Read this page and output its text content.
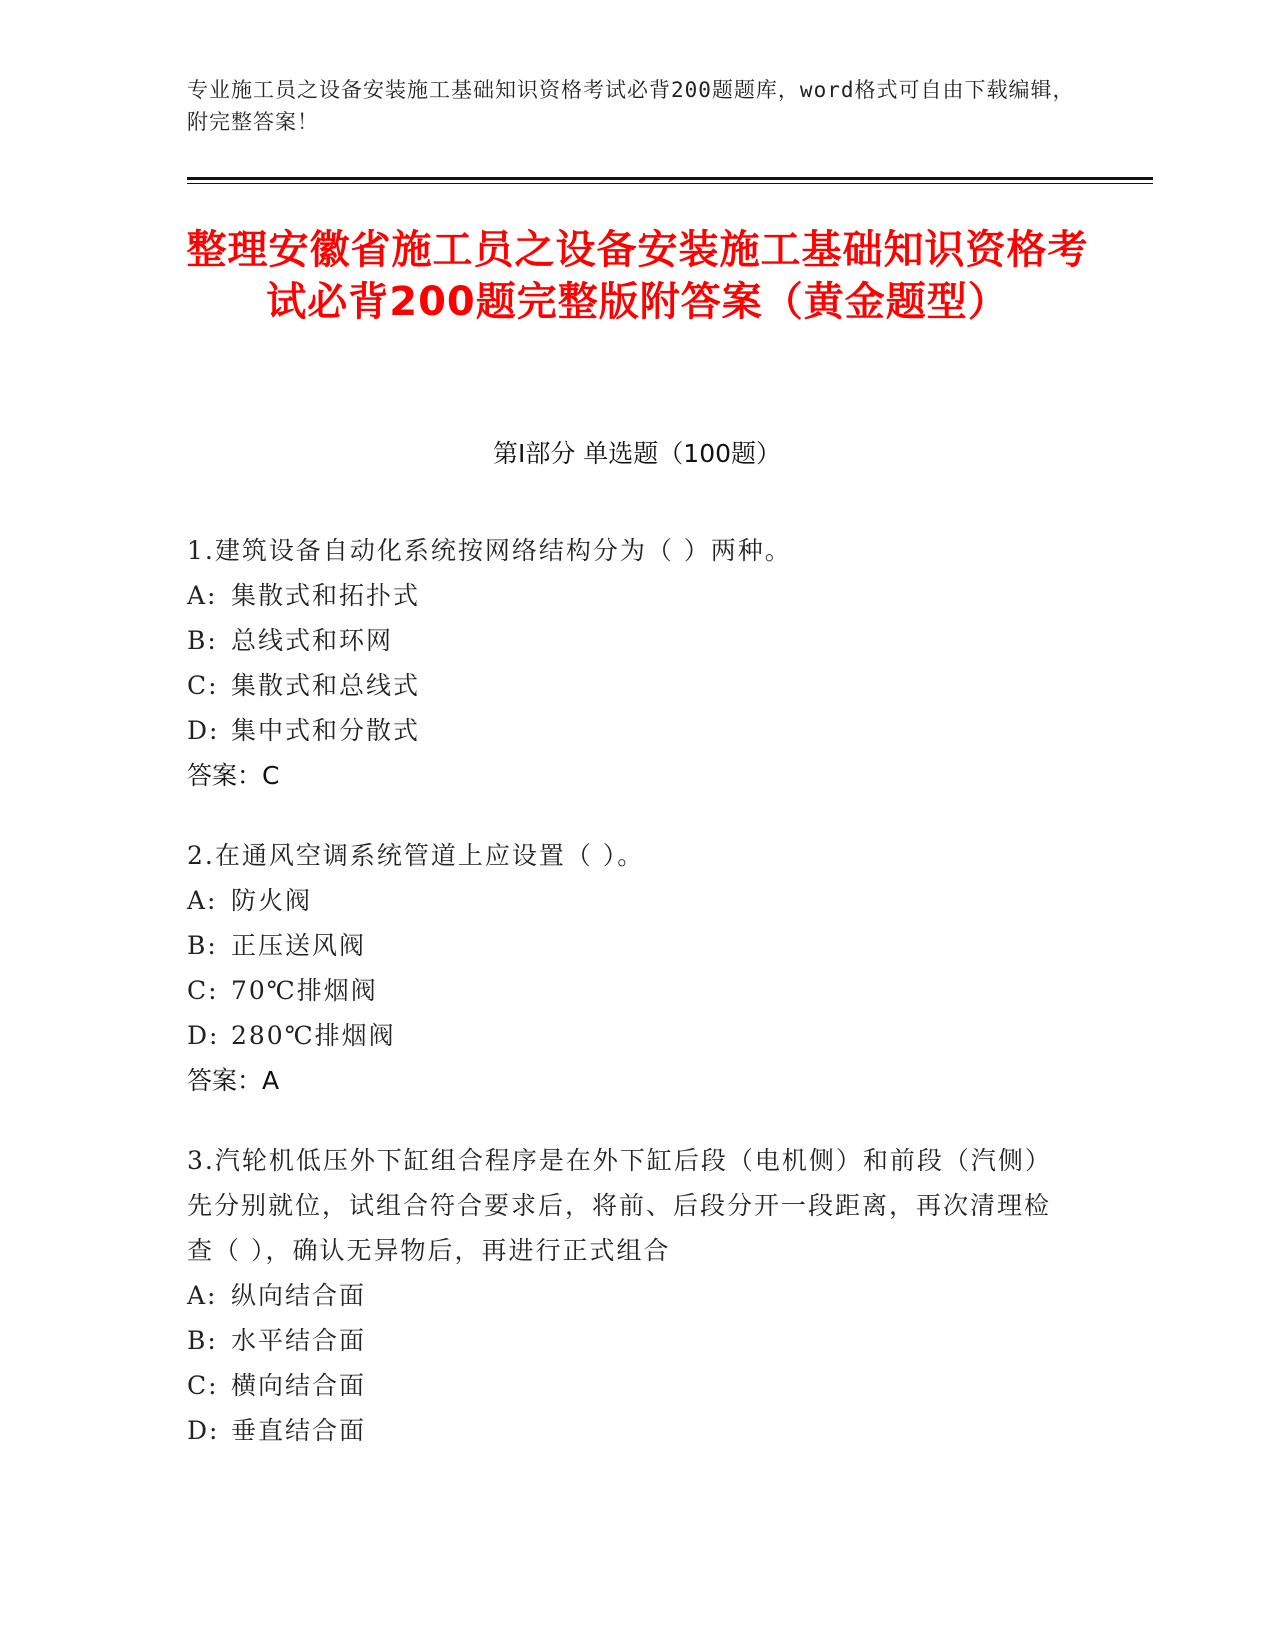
专业施工员之设备安装施工基础知识资格考试必背200题题库，word格式可自由下载编辑，附完整答案！
整理安徽省施工员之设备安装施工基础知识资格考试必背200题完整版附答案（黄金题型）
第Ⅰ部分 单选题（100题）
1.建筑设备自动化系统按网络结构分为（ ）两种。
A: 集散式和拓扑式
B: 总线式和环网
C: 集散式和总线式
D: 集中式和分散式
答案：C
2.在通风空调系统管道上应设置（ ）。
A: 防火阀
B: 正压送风阀
C: 70℃排烟阀
D: 280℃排烟阀
答案：A
3.汽轮机低压外下缸组合程序是在外下缸后段（电机侧）和前段（汽侧）先分别就位，试组合符合要求后，将前、后段分开一段距离，再次清理检查（ ），确认无异物后，再进行正式组合
A: 纵向结合面
B: 水平结合面
C: 横向结合面
D: 垂直结合面
